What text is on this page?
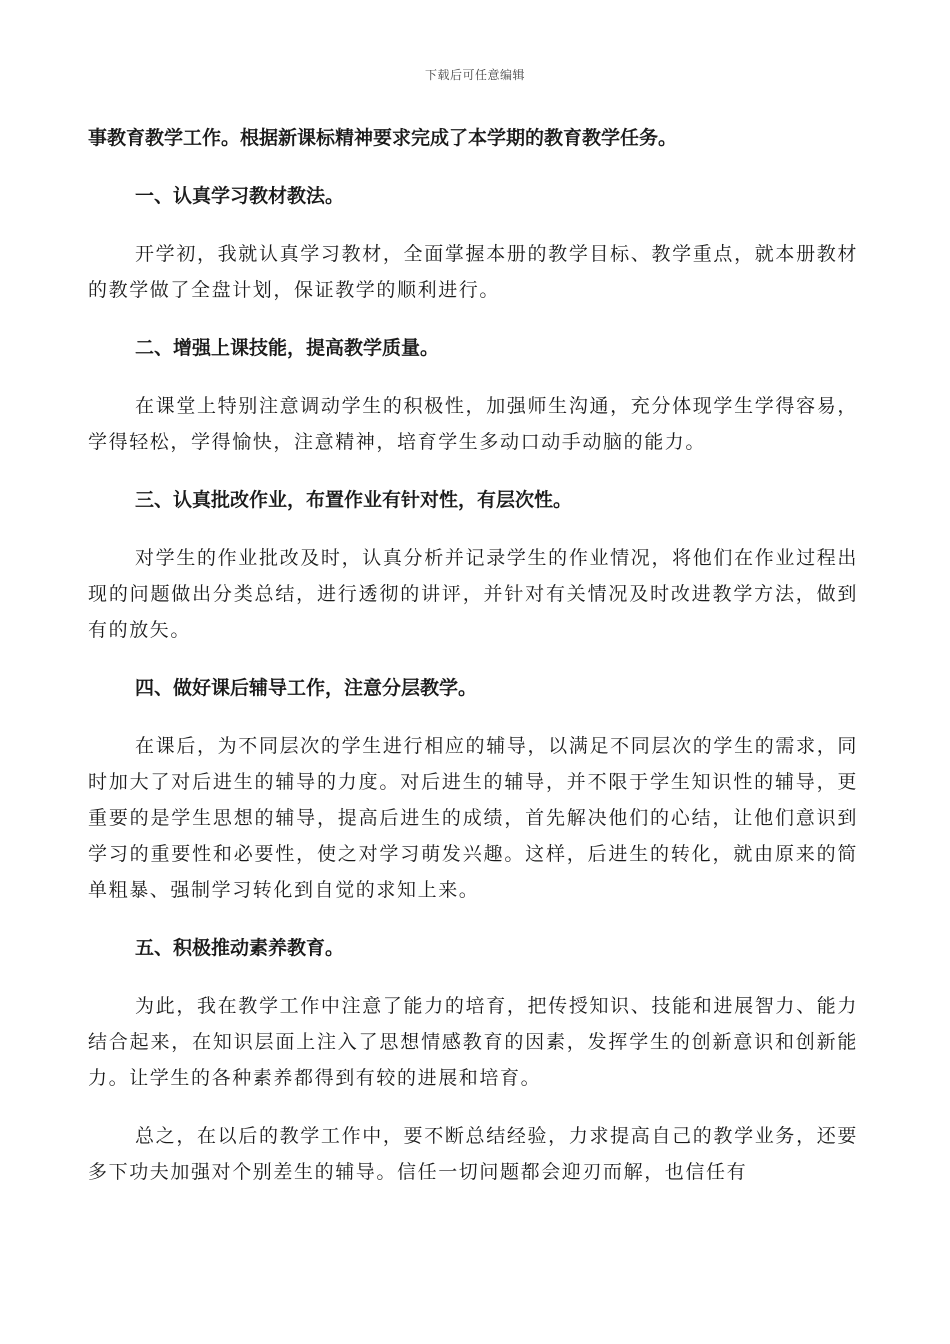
下载后可任意编辑

事教育教学工作。根据新课标精神要求完成了本学期的教育教学任务。

一、认真学习教材教法。

开学初，我就认真学习教材，全面掌握本册的教学目标、教学重点，就本册教材的教学做了全盘计划，保证教学的顺利进行。

二、增强上课技能，提高教学质量。

在课堂上特别注意调动学生的积极性，加强师生沟通，充分体现学生学得容易，学得轻松，学得愉快，注意精神，培育学生多动口动手动脑的能力。

三、认真批改作业，布置作业有针对性，有层次性。

对学生的作业批改及时，认真分析并记录学生的作业情况，将他们在作业过程出现的问题做出分类总结，进行透彻的讲评，并针对有关情况及时改进教学方法，做到有的放矢。

四、做好课后辅导工作，注意分层教学。

在课后，为不同层次的学生进行相应的辅导，以满足不同层次的学生的需求，同时加大了对后进生的辅导的力度。对后进生的辅导，并不限于学生知识性的辅导，更重要的是学生思想的辅导，提高后进生的成绩，首先解决他们的心结，让他们意识到学习的重要性和必要性，使之对学习萌发兴趣。这样，后进生的转化，就由原来的简单粗暴、强制学习转化到自觉的求知上来。

五、积极推动素养教育。

为此，我在教学工作中注意了能力的培育，把传授知识、技能和进展智力、能力结合起来，在知识层面上注入了思想情感教育的因素，发挥学生的创新意识和创新能力。让学生的各种素养都得到有较的进展和培育。

总之，在以后的教学工作中，要不断总结经验，力求提高自己的教学业务，还要多下功夫加强对个别差生的辅导。信任一切问题都会迎刃而解，也信任有
